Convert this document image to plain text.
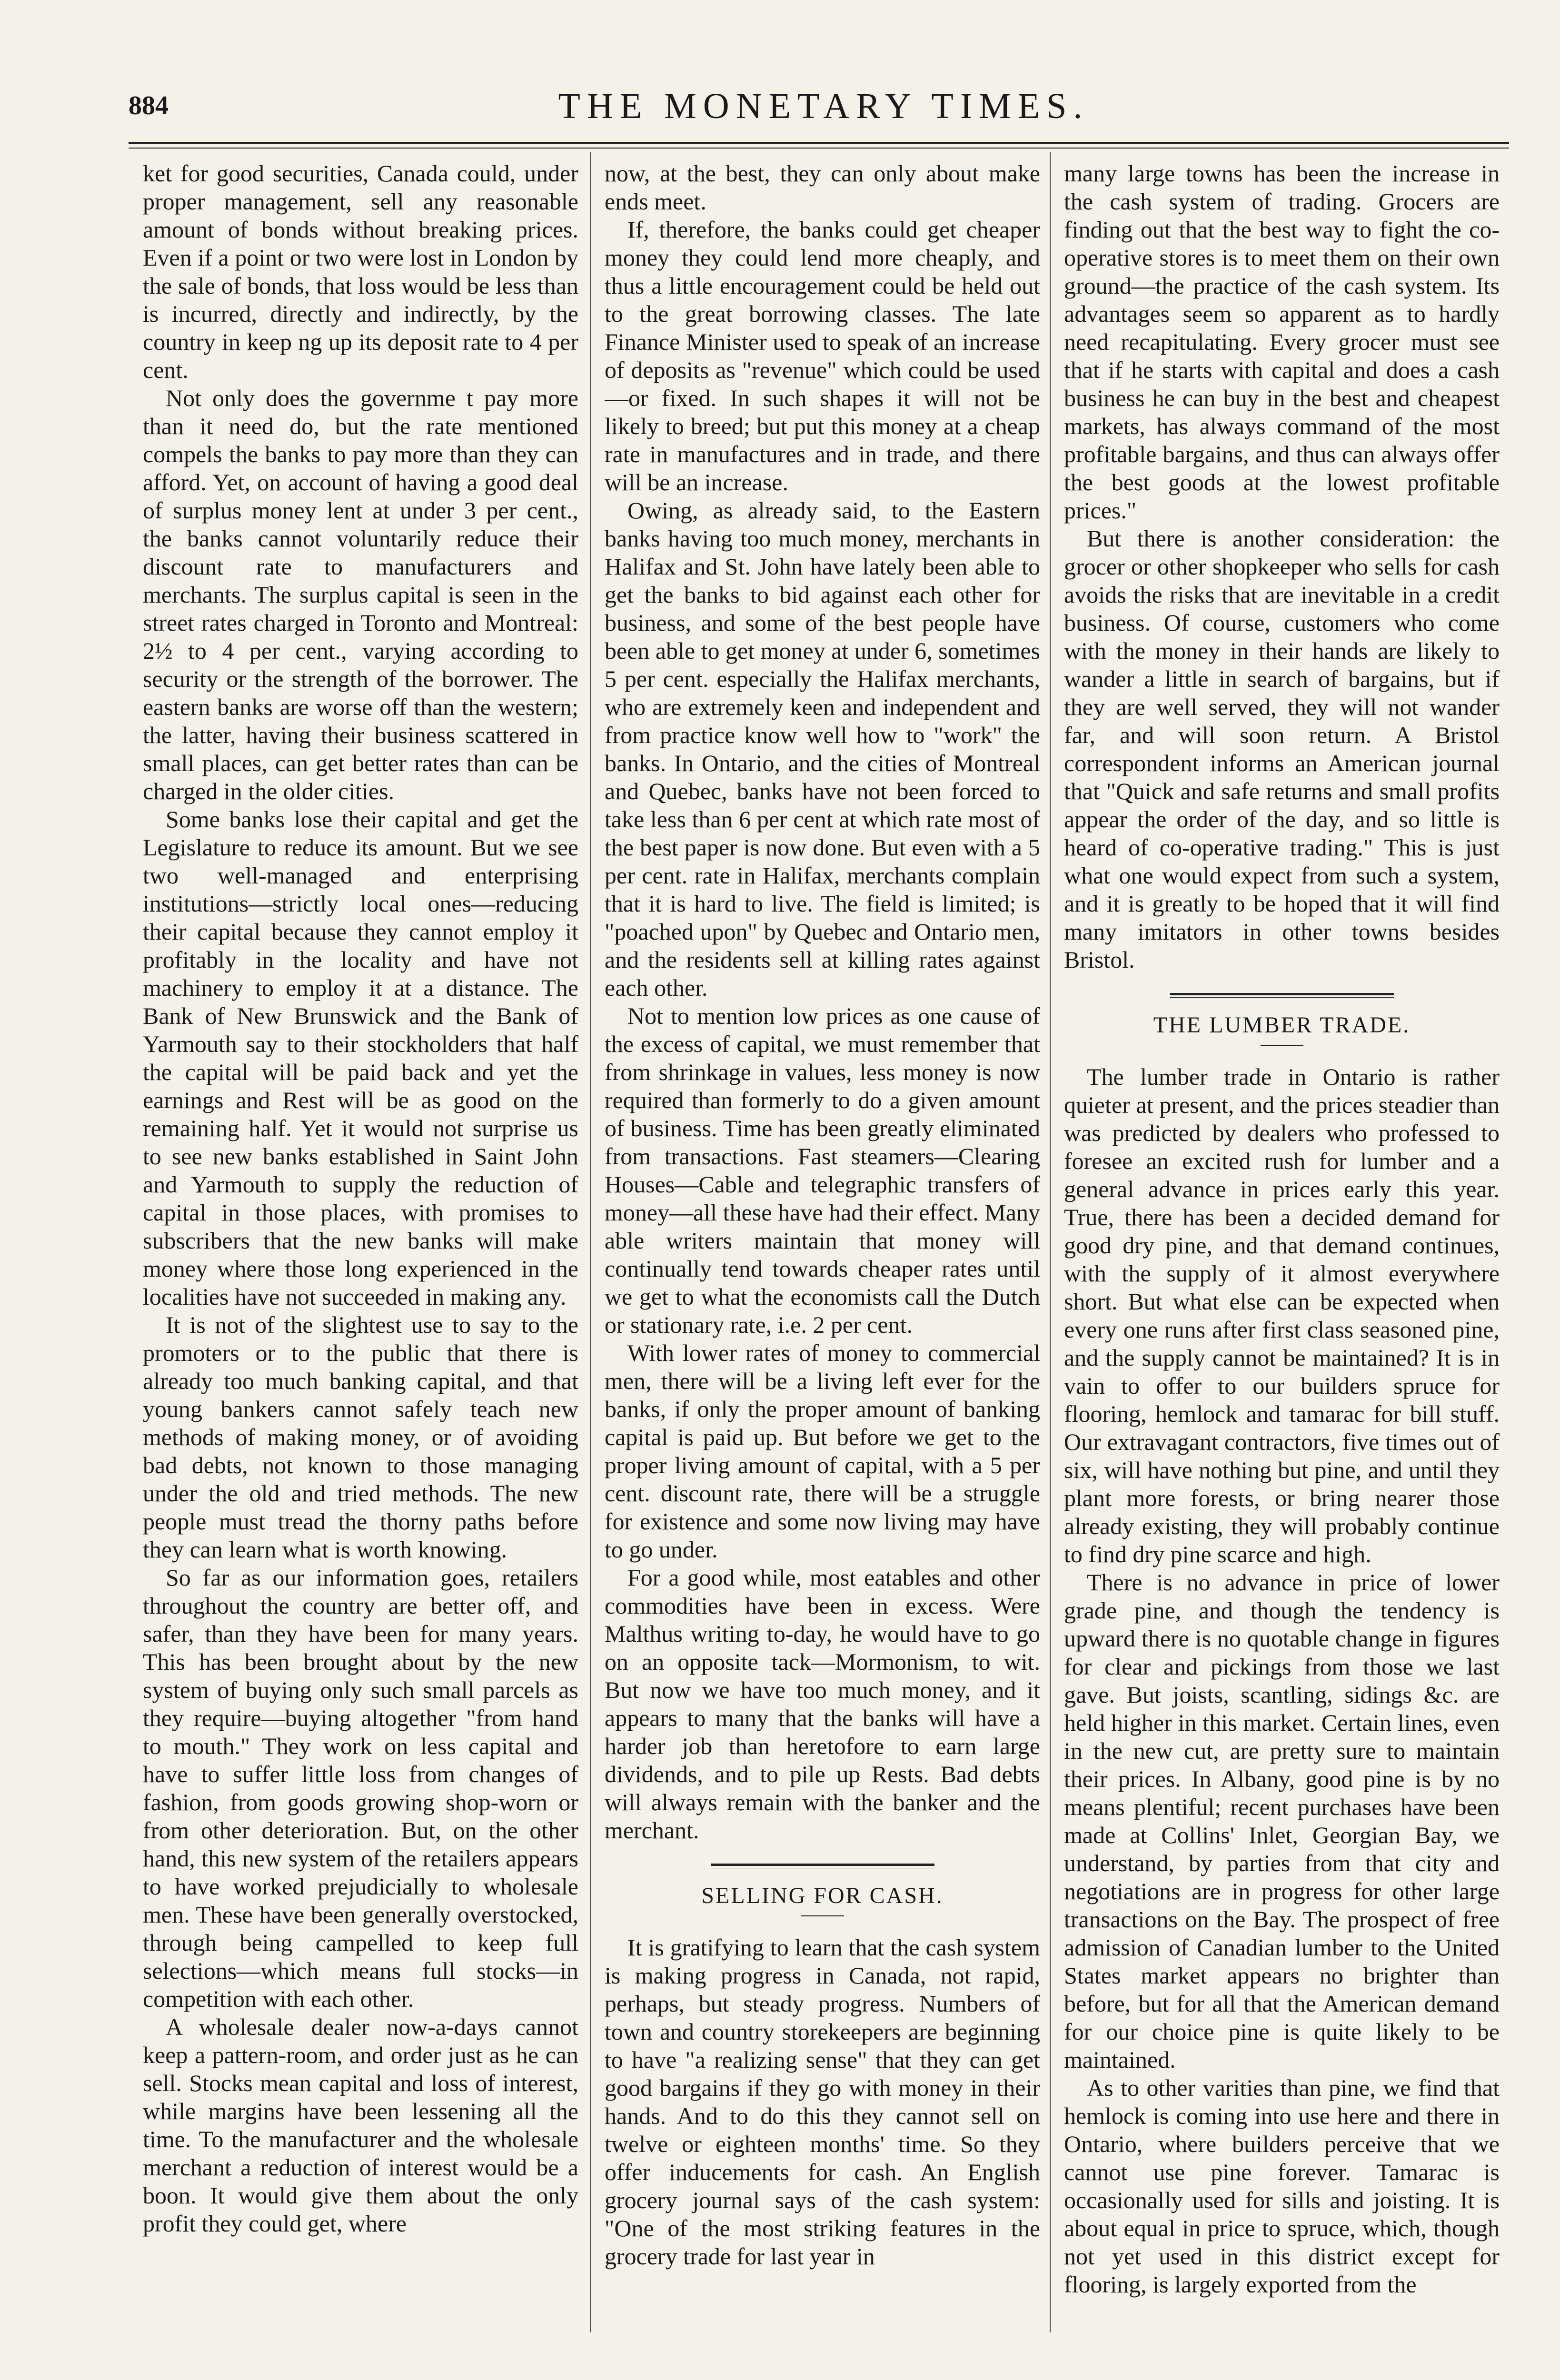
884	THE MONETARY TIMES.

ket for good securities, Canada could, under proper management, sell any reasonable amount of bonds without breaking prices. Even if a point or two were lost in London by the sale of bonds, that loss would be less than is incurred, directly and indirectly, by the country in keep ng up its deposit rate to 4 per cent.

Not only does the governme t pay more than it need do, but the rate mentioned compels the banks to pay more than they can afford. Yet, on account of having a good deal of surplus money lent at under 3 per cent., the banks cannot voluntarily reduce their discount rate to manufacturers and merchants. The surplus capital is seen in the street rates charged in Toronto and Montreal: 2½ to 4 per cent., varying according to security or the strength of the borrower. The eastern banks are worse off than the western; the latter, having their business scattered in small places, can get better rates than can be charged in the older cities.

Some banks lose their capital and get the Legislature to reduce its amount. But we see two well-managed and enterprising institutions—strictly local ones—reducing their capital because they cannot employ it profitably in the locality and have not machinery to employ it at a distance. The Bank of New Brunswick and the Bank of Yarmouth say to their stockholders that half the capital will be paid back and yet the earnings and Rest will be as good on the remaining half. Yet it would not surprise us to see new banks established in Saint John and Yarmouth to supply the reduction of capital in those places, with promises to subscribers that the new banks will make money where those long experienced in the localities have not succeeded in making any.

It is not of the slightest use to say to the promoters or to the public that there is already too much banking capital, and that young bankers cannot safely teach new methods of making money, or of avoiding bad debts, not known to those managing under the old and tried methods. The new people must tread the thorny paths before they can learn what is worth knowing.

So far as our information goes, retailers throughout the country are better off, and safer, than they have been for many years. This has been brought about by the new system of buying only such small parcels as they require—buying altogether "from hand to mouth." They work on less capital and have to suffer little loss from changes of fashion, from goods growing shop-worn or from other deterioration. But, on the other hand, this new system of the retailers appears to have worked prejudicially to wholesale men. These have been generally overstocked, through being campelled to keep full selections—which means full stocks—in competition with each other.

A wholesale dealer now-a-days cannot keep a pattern-room, and order just as he can sell. Stocks mean capital and loss of interest, while margins have been lessening all the time. To the manufacturer and the wholesale merchant a reduction of interest would be a boon. It would give them about the only profit they could get, where

now, at the best, they can only about make ends meet.

If, therefore, the banks could get cheaper money they could lend more cheaply, and thus a little encouragement could be held out to the great borrowing classes. The late Finance Minister used to speak of an increase of deposits as "revenue" which could be used—or fixed. In such shapes it will not be likely to breed; but put this money at a cheap rate in manufactures and in trade, and there will be an increase.

Owing, as already said, to the Eastern banks having too much money, merchants in Halifax and St. John have lately been able to get the banks to bid against each other for business, and some of the best people have been able to get money at under 6, sometimes 5 per cent. especially the Halifax merchants, who are extremely keen and independent and from practice know well how to "work" the banks. In Ontario, and the cities of Montreal and Quebec, banks have not been forced to take less than 6 per cent at which rate most of the best paper is now done. But even with a 5 per cent. rate in Halifax, merchants complain that it is hard to live. The field is limited; is "poached upon" by Quebec and Ontario men, and the residents sell at killing rates against each other.

Not to mention low prices as one cause of the excess of capital, we must remember that from shrinkage in values, less money is now required than formerly to do a given amount of business. Time has been greatly eliminated from transactions. Fast steamers—Clearing Houses—Cable and telegraphic transfers of money—all these have had their effect. Many able writers maintain that money will continually tend towards cheaper rates until we get to what the economists call the Dutch or stationary rate, i.e. 2 per cent.

With lower rates of money to commercial men, there will be a living left ever for the banks, if only the proper amount of banking capital is paid up. But before we get to the proper living amount of capital, with a 5 per cent. discount rate, there will be a struggle for existence and some now living may have to go under.

For a good while, most eatables and other commodities have been in excess. Were Malthus writing to-day, he would have to go on an opposite tack—Mormonism, to wit. But now we have too much money, and it appears to many that the banks will have a harder job than heretofore to earn large dividends, and to pile up Rests. Bad debts will always remain with the banker and the merchant.

SELLING FOR CASH.

It is gratifying to learn that the cash system is making progress in Canada, not rapid, perhaps, but steady progress. Numbers of town and country storekeepers are beginning to have "a realizing sense" that they can get good bargains if they go with money in their hands. And to do this they cannot sell on twelve or eighteen months' time. So they offer inducements for cash. An English grocery journal says of the cash system: "One of the most striking features in the grocery trade for last year in

many large towns has been the increase in the cash system of trading. Grocers are finding out that the best way to fight the co-operative stores is to meet them on their own ground—the practice of the cash system. Its advantages seem so apparent as to hardly need recapitulating. Every grocer must see that if he starts with capital and does a cash business he can buy in the best and cheapest markets, has always command of the most profitable bargains, and thus can always offer the best goods at the lowest profitable prices."

But there is another consideration: the grocer or other shopkeeper who sells for cash avoids the risks that are inevitable in a credit business. Of course, customers who come with the money in their hands are likely to wander a little in search of bargains, but if they are well served, they will not wander far, and will soon return. A Bristol correspondent informs an American journal that "Quick and safe returns and small profits appear the order of the day, and so little is heard of co-operative trading." This is just what one would expect from such a system, and it is greatly to be hoped that it will find many imitators in other towns besides Bristol.

THE LUMBER TRADE.

The lumber trade in Ontario is rather quieter at present, and the prices steadier than was predicted by dealers who professed to foresee an excited rush for lumber and a general advance in prices early this year. True, there has been a decided demand for good dry pine, and that demand continues, with the supply of it almost everywhere short. But what else can be expected when every one runs after first class seasoned pine, and the supply cannot be maintained? It is in vain to offer to our builders spruce for flooring, hemlock and tamarac for bill stuff. Our extravagant contractors, five times out of six, will have nothing but pine, and until they plant more forests, or bring nearer those already existing, they will probably continue to find dry pine scarce and high.

There is no advance in price of lower grade pine, and though the tendency is upward there is no quotable change in figures for clear and pickings from those we last gave. But joists, scantling, sidings &c. are held higher in this market. Certain lines, even in the new cut, are pretty sure to maintain their prices. In Albany, good pine is by no means plentiful; recent purchases have been made at Collins' Inlet, Georgian Bay, we understand, by parties from that city and negotiations are in progress for other large transactions on the Bay. The prospect of free admission of Canadian lumber to the United States market appears no brighter than before, but for all that the American demand for our choice pine is quite likely to be maintained.

As to other varities than pine, we find that hemlock is coming into use here and there in Ontario, where builders perceive that we cannot use pine forever. Tamarac is occasionally used for sills and joisting. It is about equal in price to spruce, which, though not yet used in this district except for flooring, is largely exported from the
